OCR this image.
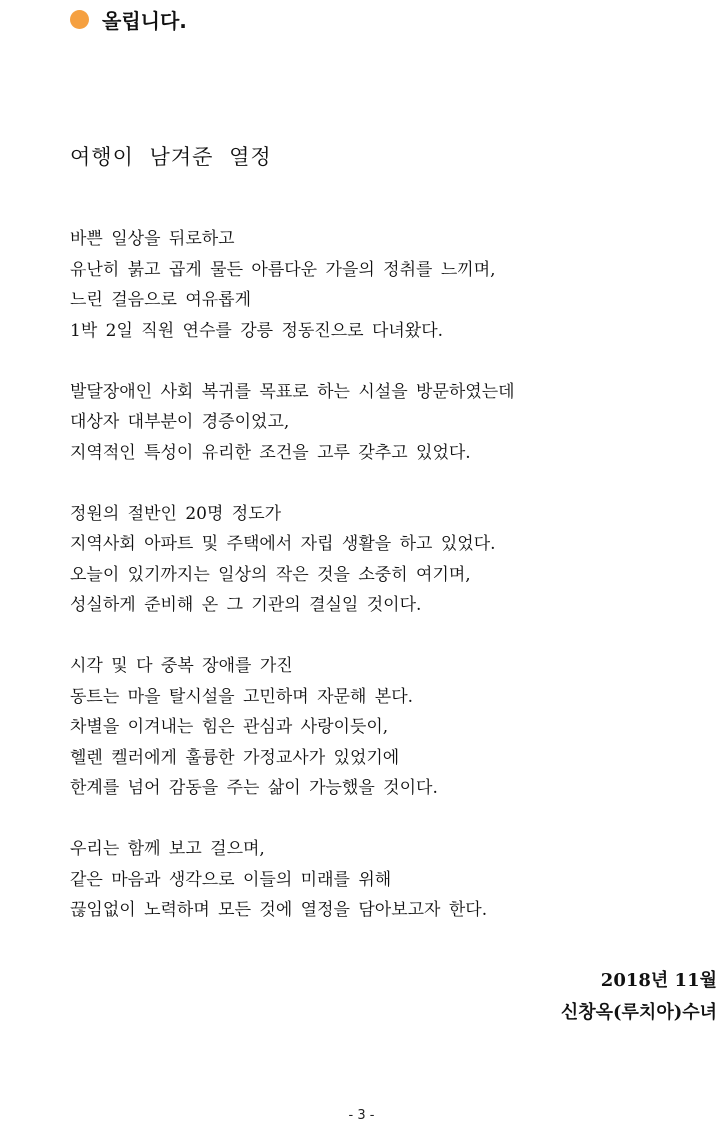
올립니다.
여행이 남겨준 열정

바쁜 일상을 뒤로하고
유난히 붉고 곱게 물든 아름다운 가을의 정취를 느끼며,
느린 걸음으로 여유롭게
1박 2일 직원 연수를 강릉 정동진으로 다녀왔다.

발달장애인 사회 복귀를 목표로 하는 시설을 방문하였는데
대상자 대부분이 경증이었고,
지역적인 특성이 유리한 조건을 고루 갖추고 있었다.

정원의 절반인 20명 정도가
지역사회 아파트 및 주택에서 자립 생활을 하고 있었다.
오늘이 있기까지는 일상의 작은 것을 소중히 여기며,
성실하게 준비해 온 그 기관의 결실일 것이다.

시각 및 다 중복 장애를 가진
동트는 마을 탈시설을 고민하며 자문해 본다.
차별을 이겨내는 힘은 관심과 사랑이듯이,
헬렌 켈러에게 훌륭한 가정교사가 있었기에
한계를 넘어 감동을 주는 삶이 가능했을 것이다.

우리는 함께 보고 걸으며,
같은 마음과 생각으로 이들의 미래를 위해
끊임없이 노력하며 모든 것에 열정을 담아보고자 한다.

2018년 11월
신창옥(루치아)수녀
- 3 -
